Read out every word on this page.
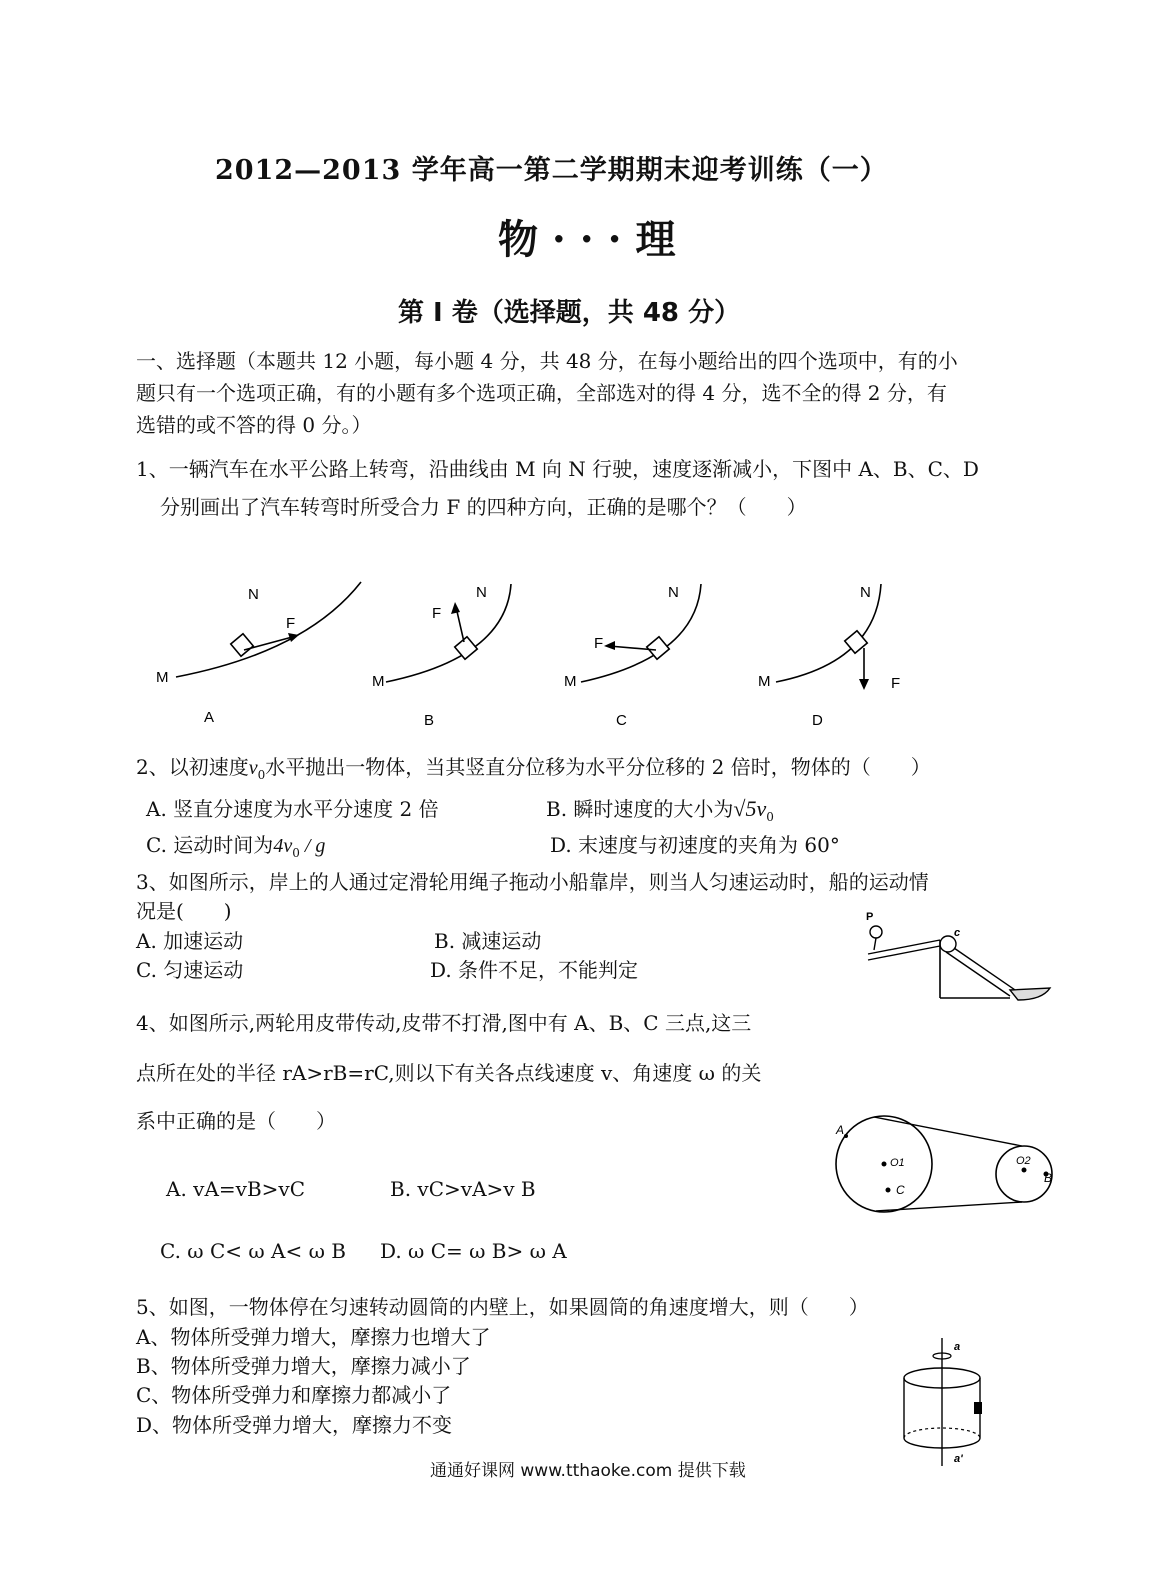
2012—2013 学年高一第二学期期末迎考训练（一）
物 · · · 理
第 I 卷（选择题，共 48 分）
一、选择题（本题共 12 小题，每小题 4 分，共 48 分，在每小题给出的四个选项中，有的小
题只有一个选项正确，有的小题有多个选项正确，全部选对的得 4 分，选不全的得 2 分，有
选错的或不答的得 0 分。）
1、一辆汽车在水平公路上转弯，沿曲线由 M 向 N 行驶，速度逐渐减小，下图中 A、B、C、D
分别画出了汽车转弯时所受合力 F 的四种方向，正确的是哪个？（　　）
N
F
M
A
N
F
M
B
N
F
M
C
N
F
M
D
2、以初速度$v_0$水平抛出一物体，当其竖直分位移为水平分位移的 2 倍时，物体的（　　）
A. 竖直分速度为水平分速度 2 倍	B. 瞬时速度的大小为$√5v_0$
C. 运动时间为$4v_0$ / g	D. 末速度与初速度的夹角为 60°
3、如图所示，岸上的人通过定滑轮用绳子拖动小船靠岸，则当人匀速运动时，船的运动情
况是(　　)
A. 加速运动	B. 减速运动
C. 匀速运动	D. 条件不足，不能判定
P
c
4、如图所示,两轮用皮带传动,皮带不打滑,图中有 A、B、C 三点,这三
点所在处的半径 rA>rB=rC,则以下有关各点线速度 v、角速度 ω 的关
系中正确的是（　　）
A. vA=vB>vC	B. vC>vA>v B
C. ω C< ω A< ω B D. ω C= ω B> ω A
A
O1
C
O2
B
5、如图，一物体停在匀速转动圆筒的内壁上，如果圆筒的角速度增大，则（　　）
A、物体所受弹力增大，摩擦力也增大了
B、物体所受弹力增大，摩擦力减小了
C、物体所受弹力和摩擦力都减小了
D、物体所受弹力增大，摩擦力不变
a
a'
通通好课网 www.tthaoke.com 提供下载
